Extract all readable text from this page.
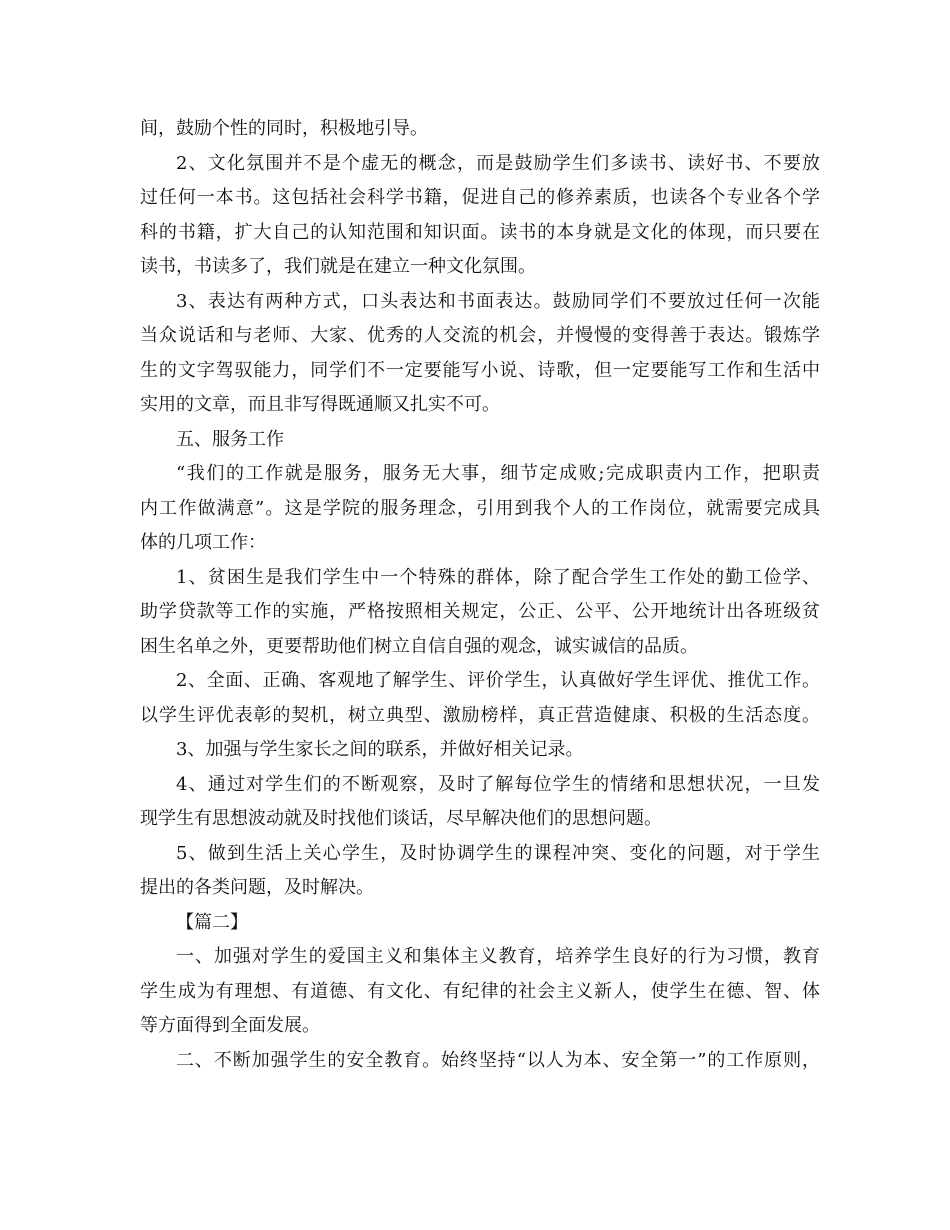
间，鼓励个性的同时，积极地引导。
2、文化氛围并不是个虚无的概念，而是鼓励学生们多读书、读好书、不要放
过任何一本书。这包括社会科学书籍，促进自己的修养素质，也读各个专业各个学
科的书籍，扩大自己的认知范围和知识面。读书的本身就是文化的体现，而只要在
读书，书读多了，我们就是在建立一种文化氛围。
3、表达有两种方式，口头表达和书面表达。鼓励同学们不要放过任何一次能
当众说话和与老师、大家、优秀的人交流的机会，并慢慢的变得善于表达。锻炼学
生的文字驾驭能力，同学们不一定要能写小说、诗歌，但一定要能写工作和生活中
实用的文章，而且非写得既通顺又扎实不可。
五、服务工作
“我们的工作就是服务，服务无大事，细节定成败;完成职责内工作，把职责
内工作做满意”。这是学院的服务理念，引用到我个人的工作岗位，就需要完成具
体的几项工作：
1、贫困生是我们学生中一个特殊的群体，除了配合学生工作处的勤工俭学、
助学贷款等工作的实施，严格按照相关规定，公正、公平、公开地统计出各班级贫
困生名单之外，更要帮助他们树立自信自强的观念，诚实诚信的品质。
2、全面、正确、客观地了解学生、评价学生，认真做好学生评优、推优工作。
以学生评优表彰的契机，树立典型、激励榜样，真正营造健康、积极的生活态度。
3、加强与学生家长之间的联系，并做好相关记录。
4、通过对学生们的不断观察，及时了解每位学生的情绪和思想状况，一旦发
现学生有思想波动就及时找他们谈话，尽早解决他们的思想问题。
5、做到生活上关心学生，及时协调学生的课程冲突、变化的问题，对于学生
提出的各类问题，及时解决。
【篇二】
一、加强对学生的爱国主义和集体主义教育，培养学生良好的行为习惯，教育
学生成为有理想、有道德、有文化、有纪律的社会主义新人，使学生在德、智、体
等方面得到全面发展。
二、不断加强学生的安全教育。始终坚持“以人为本、安全第一”的工作原则，
